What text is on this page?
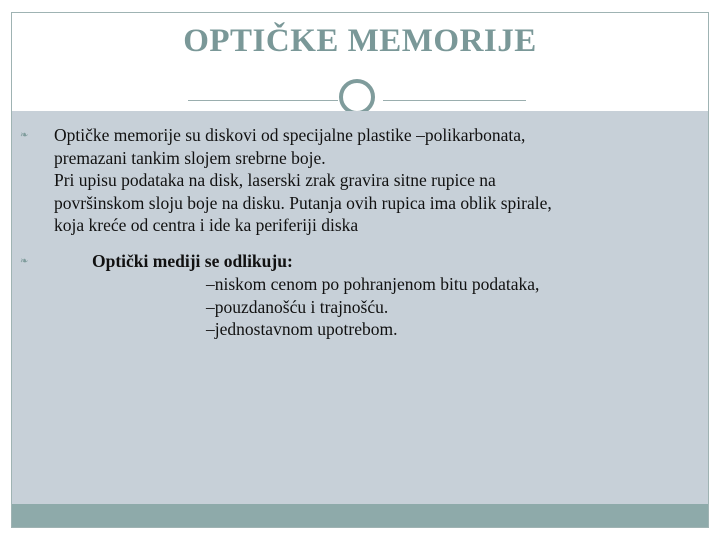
OPTIČKE MEMORIJE
❧ Optičke memorije su diskovi od specijalne plastike –polikarbonata,

premazani tankim slojem srebrne boje.

Pri upisu podataka na disk, laserski zrak gravira sitne rupice na

površinskom sloju boje na disku. Putanja ovih rupica ima oblik spirale,

koja kreće od centra i ide ka periferiji diska

❧	Optički mediji se odlikuju:
–niskom cenom po pohranjenom bitu podataka,
–pouzdanošću i trajnošću.
–jednostavnom upotrebom.
